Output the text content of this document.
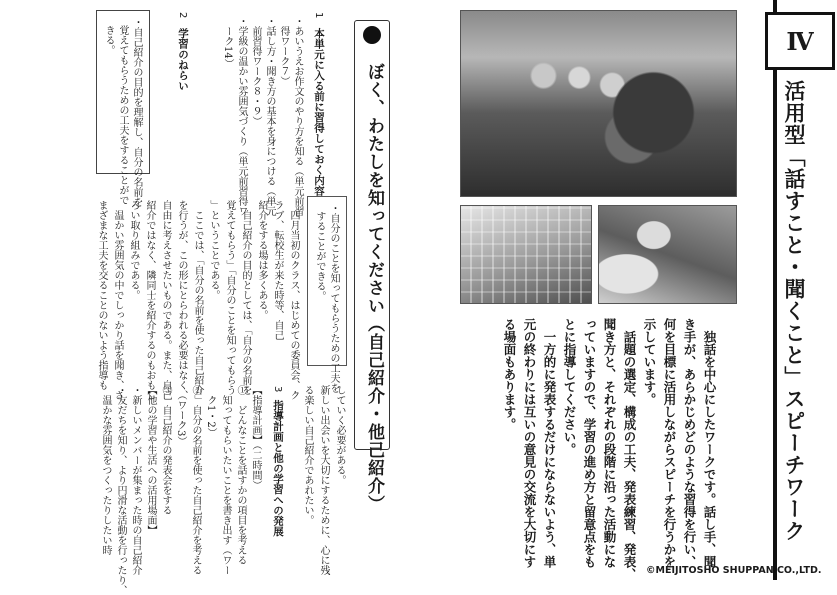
1
本単元に入る前に習得しておく内容
・あいうえお作文のやり方を知る（単元前習
得ワーク７）
・話し方・聞き方の基本を身につける（単元
前習得ワーク８・９）
・学級の温かい雰囲気づくり（単元前習得ワ
ーク14）
2
学習のねらい
・自己紹介の目的を理解し、自分の名前を
覚えてもらうための工夫をすることがで
きる。
ぼく、わたしを知ってください（自己紹介・他己紹介）
・自分のことを知ってもらうための工夫を
することができる。
　四月当初のクラス、はじめての委員会、ク
ラブ、転校生が来た時等、自己
紹介をする場は多くある。
　自己紹介の目的としては、「自分の名前を
覚えてもらう」「自分のことを知ってもらう
」ということである。
　ここでは、「自分の名前を使った自己紹介」
を行うが、この形にとらわれる必要はなく、
自由に考えさせたいものである。また、自己
紹介ではなく、隣同士を紹介するのもおもし
ろい取り組みである。
　温かい雰囲気の中でしっかり話を聞き、さ
まざまな工夫を交ることのないよう指導も
していく必要がある。
新しい出会いを大切にするために、心に残
る楽しい自己紹介であれたい。
3
指導計画と他の学習への発展
【指導計画】（二時間）
①　どんなことを話すかの項目を考える
　知ってもらいたいことを書き出す（ワー
　ク1・2）
②　自分の名前を使った自己紹介を考える
　（ワーク3）
③　自己紹介の発表会をする
【他の学習や生活への活用場面】
・新しいメンバーが集まった時の自己紹介
・友だちを知り、より円滑な活動を行ったり、
　温かな雰囲気をつくったりしたい時	　独話を中心にしたワークです。話し手、聞
き手が、あらかじめどのような習得を行い、
何を目標に活用しながらスピーチを行うかを
示しています。
　話題の選定、構成の工夫、発表練習、発表、
聞き方と、それぞれの段階に沿った活動にな
っていますので、学習の進め方と留意点をも
とに指導してください。
　一方的に発表するだけにならないよう、単
元の終わりには互いの意見の交流を大切にす
る場面もあります。
Ⅳ
活用型「話すこと・聞くこと」スピーチワーク
©MEIJITOSHO SHUPPAN CO.,LTD.
